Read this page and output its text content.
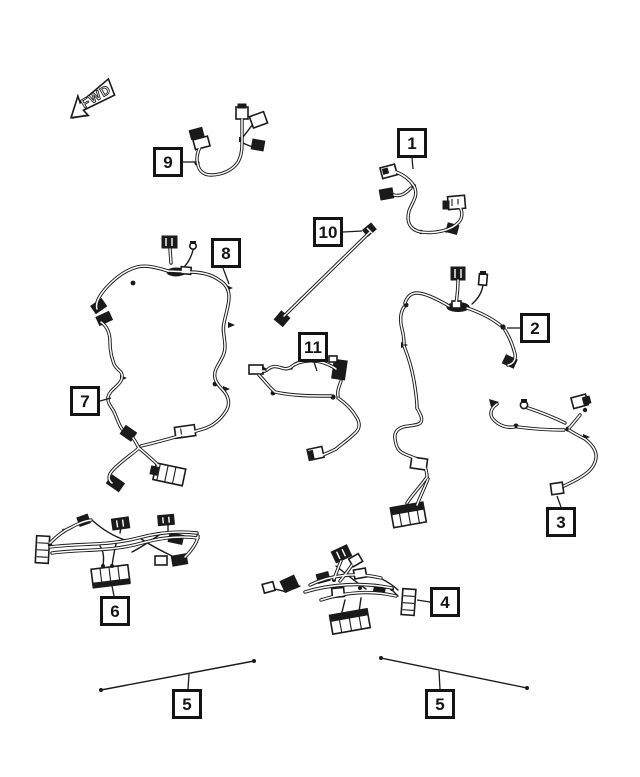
FWD
1
2
3
4
5	5
6
7
8
9
10
11
